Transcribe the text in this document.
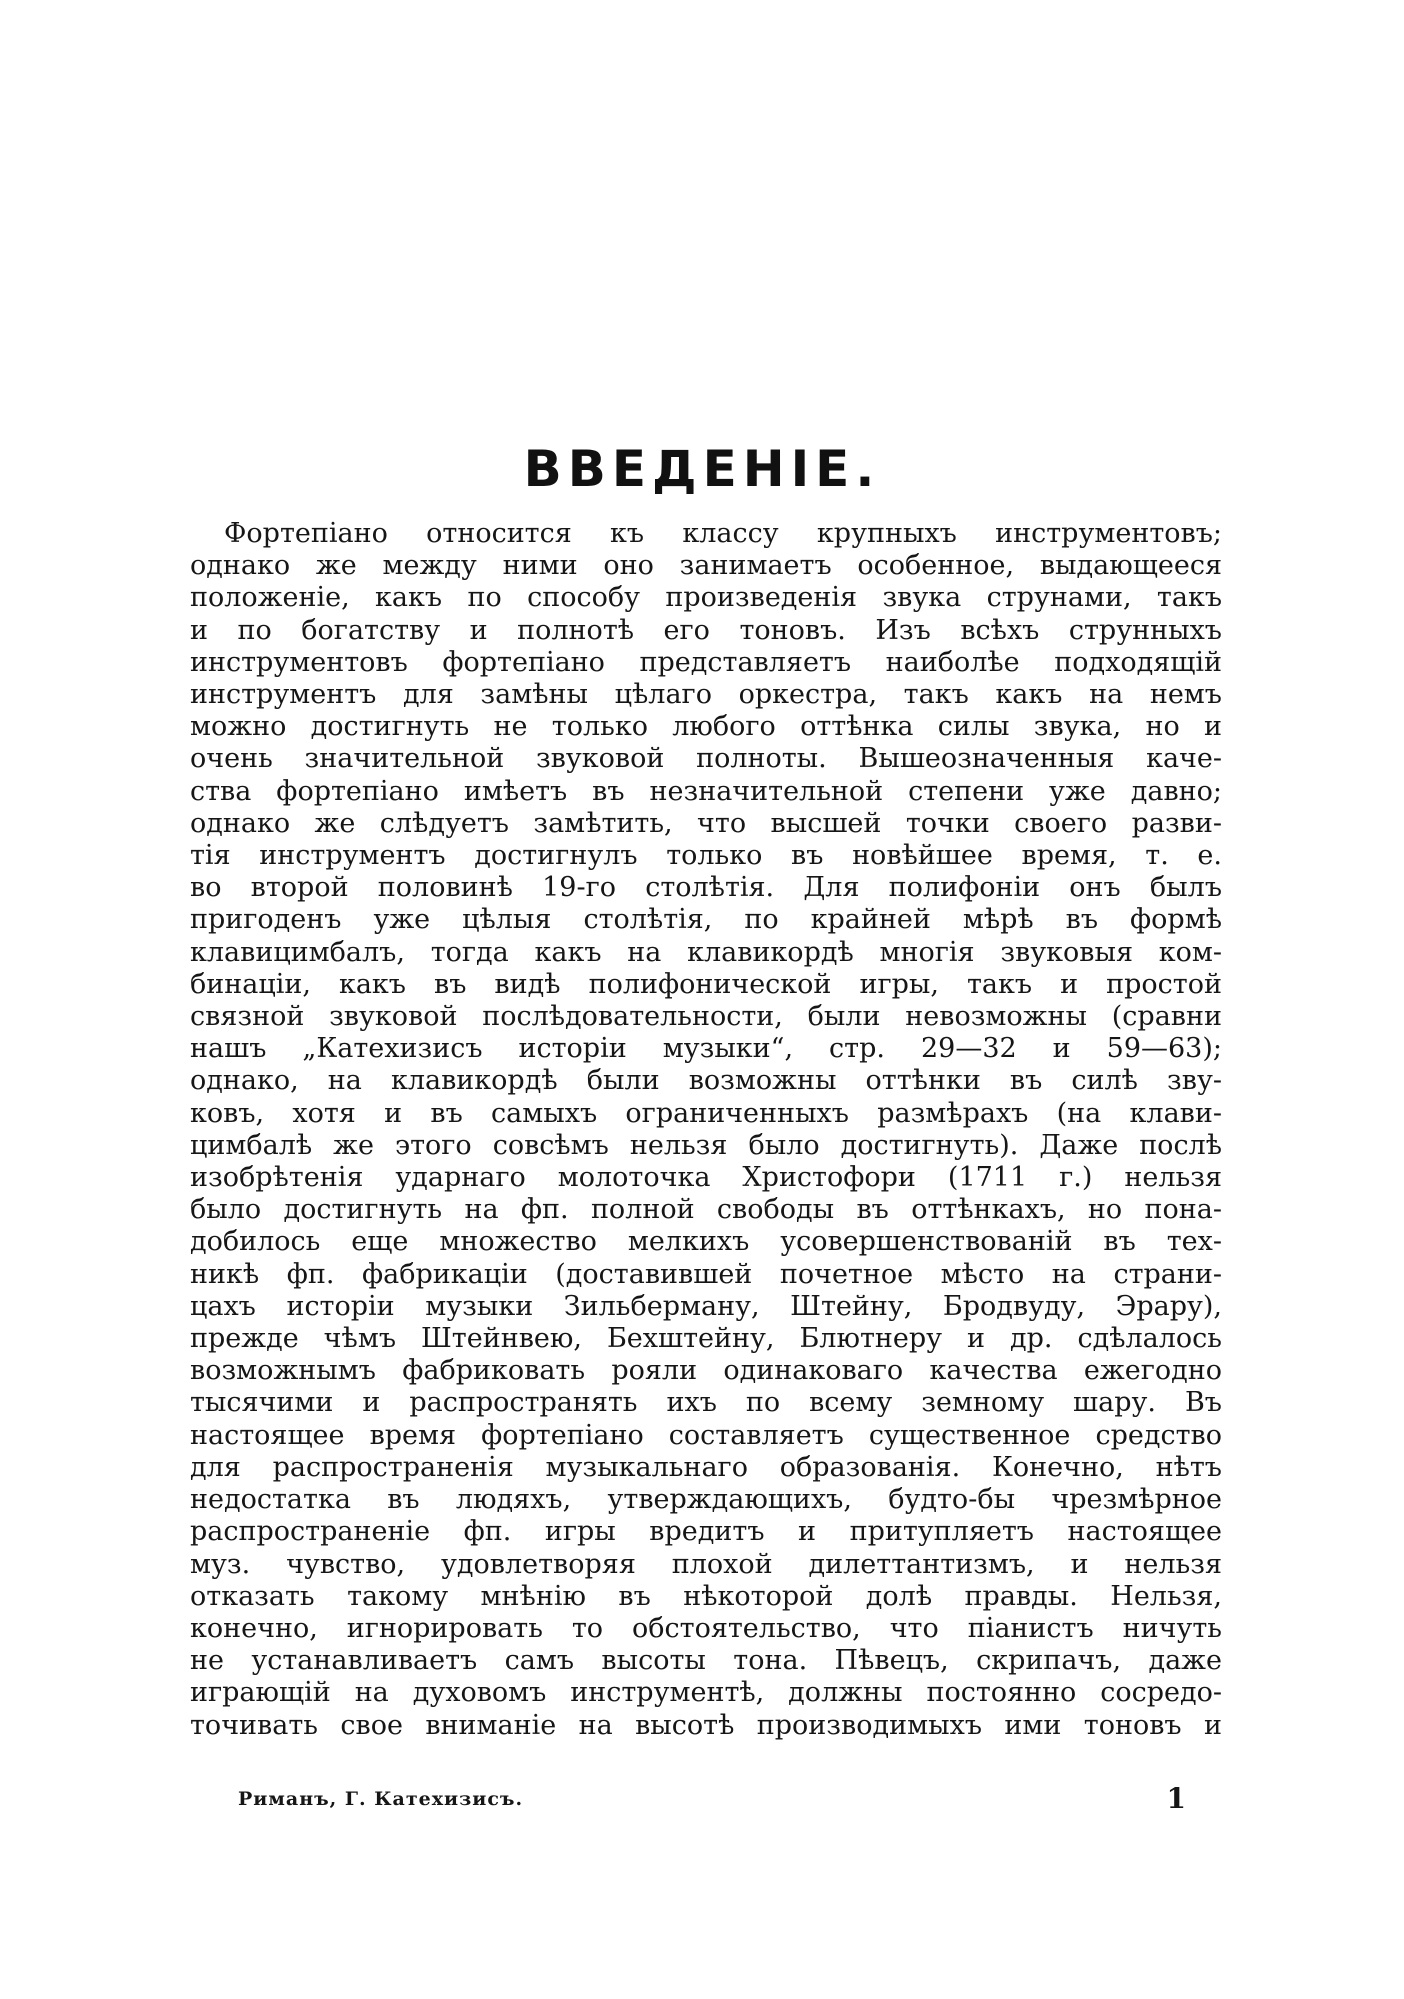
ВВЕДЕНІЕ.
Фортепіано относится къ классу крупныхъ инструментовъ;
однако же между ними оно занимаетъ особенное, выдающееся
положеніе, какъ по способу произведенія звука струнами, такъ
и по богатству и полнотѣ его тоновъ. Изъ всѣхъ струнныхъ
инструментовъ фортепіано представляетъ наиболѣе подходящій
инструментъ для замѣны цѣлаго оркестра, такъ какъ на немъ
можно достигнуть не только любого оттѣнка силы звука, но и
очень значительной звуковой полноты. Вышеозначенныя каче-
ства фортепіано имѣетъ въ незначительной степени уже давно;
однако же слѣдуетъ замѣтить, что высшей точки своего разви-
тія инструментъ достигнулъ только въ новѣйшее время, т. е.
во второй половинѣ 19-го столѣтія. Для полифоніи онъ былъ
пригоденъ уже цѣлыя столѣтія, по крайней мѣрѣ въ формѣ
клавицимбалъ, тогда какъ на клавикордѣ многія звуковыя ком-
бинаціи, какъ въ видѣ полифонической игры, такъ и простой
связной звуковой послѣдовательности, были невозможны (сравни
нашъ „Катехизисъ исторіи музыки“, стр. 29—32 и 59—63);
однако, на клавикордѣ были возможны оттѣнки въ силѣ зву-
ковъ, хотя и въ самыхъ ограниченныхъ размѣрахъ (на клави-
цимбалѣ же этого совсѣмъ нельзя было достигнуть). Даже послѣ
изобрѣтенія ударнаго молоточка Христофори (1711 г.) нельзя
было достигнуть на фп. полной свободы въ оттѣнкахъ, но пона-
добилось еще множество мелкихъ усовершенствованій въ тех-
никѣ фп. фабрикаціи (доставившей почетное мѣсто на страни-
цахъ исторіи музыки Зильберману, Штейну, Бродвуду, Эрару),
прежде чѣмъ Штейнвею, Бехштейну, Блютнеру и др. сдѣлалось
возможнымъ фабриковать рояли одинаковаго качества ежегодно
тысячими и распространять ихъ по всему земному шару. Въ
настоящее время фортепіано составляетъ существенное средство
для распространенія музыкальнаго образованія. Конечно, нѣтъ
недостатка въ людяхъ, утверждающихъ, будто-бы чрезмѣрное
распространеніе фп. игры вредитъ и притупляетъ настоящее
муз. чувство, удовлетворяя плохой дилеттантизмъ, и нельзя
отказать такому мнѣнію въ нѣкоторой долѣ правды. Нельзя,
конечно, игнорировать то обстоятельство, что піанистъ ничуть
не устанавливаетъ самъ высоты тона. Пѣвецъ, скрипачъ, даже
играющій на духовомъ инструментѣ, должны постоянно сосредо-
точивать свое вниманіе на высотѣ производимыхъ ими тоновъ и
Риманъ, Г. Катехизисъ.	1
